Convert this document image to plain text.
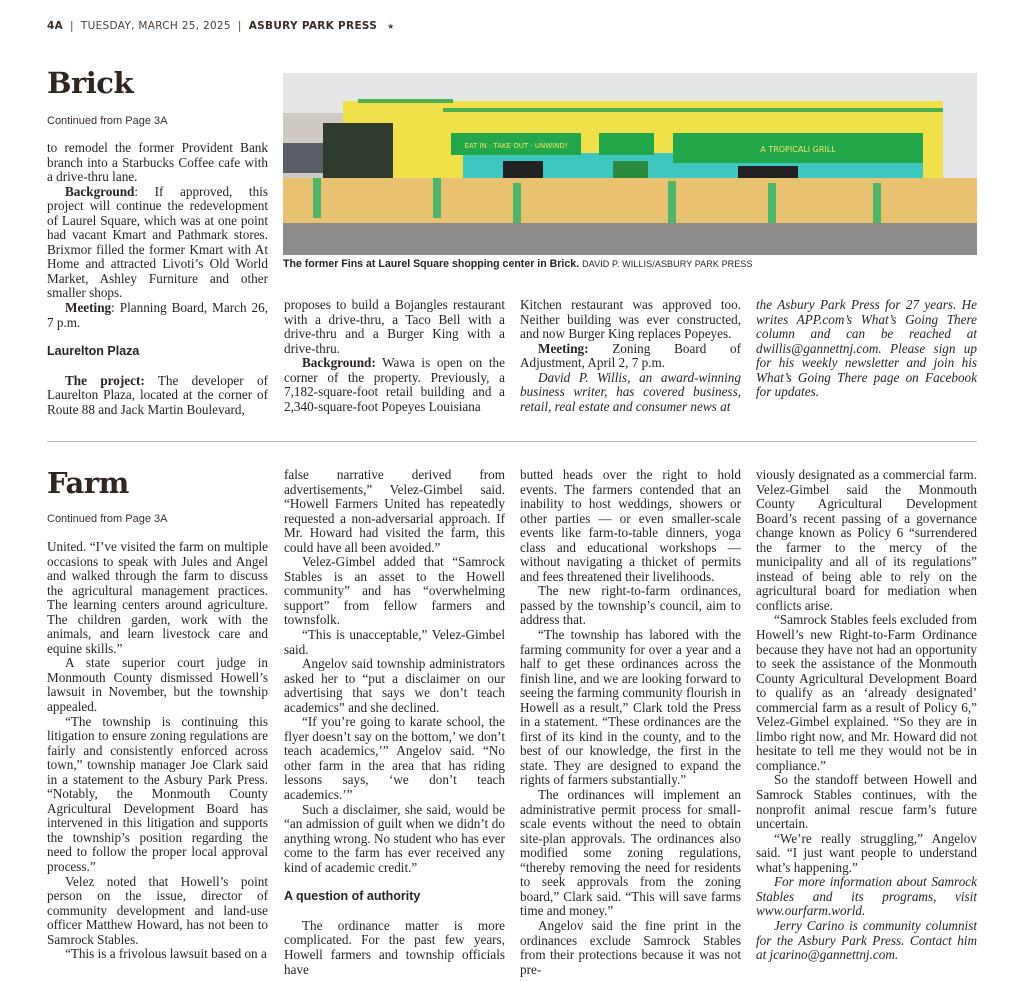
4A | TUESDAY, MARCH 25, 2025 | ASBURY PARK PRESS ★
Brick
Continued from Page 3A
EAT IN · TAKE OUT · UNWIND!	A TROPICALI GRILL
The former Fins at Laurel Square shopping center in Brick. DAVID P. WILLIS/ASBURY PARK PRESS

to remodel the former Provident Bank branch into a Starbucks Coffee cafe with a drive-thru lane.

Background: If approved, this project will continue the redevelopment of Laurel Square, which was at one point had vacant Kmart and Pathmark stores. Brixmor filled the former Kmart with At Home and attracted Livoti’s Old World Market, Ashley Furniture and other smaller shops.

Meeting: Planning Board, March 26, 7 p.m.

Laurelton Plaza

The project: The developer of Laurelton Plaza, located at the corner of Route 88 and Jack Martin Boulevard,

proposes to build a Bojangles restaurant with a drive-thru, a Taco Bell with a drive-thru and a Burger King with a drive-thru.

Background: Wawa is open on the corner of the property. Previously, a 7,182-square-foot retail building and a 2,340-square-foot Popeyes Louisiana

Kitchen restaurant was approved too. Neither building was ever constructed, and now Burger King replaces Popeyes.

Meeting: Zoning Board of Adjustment, April 2, 7 p.m.

David P. Willis, an award-winning business writer, has covered business, retail, real estate and consumer news at

the Asbury Park Press for 27 years. He writes APP.com’s What’s Going There column and can be reached at dwillis@gannettnj.com. Please sign up for his weekly newsletter and join his What’s Going There page on Facebook for updates.

Farm
Continued from Page 3A

United. “I’ve visited the farm on multiple occasions to speak with Jules and Angel and walked through the farm to discuss the agricultural management practices. The learning centers around agriculture. The children garden, work with the animals, and learn livestock care and equine skills.”

A state superior court judge in Monmouth County dismissed Howell’s lawsuit in November, but the township appealed.

“The township is continuing this litigation to ensure zoning regulations are fairly and consistently enforced across town,” township manager Joe Clark said in a statement to the Asbury Park Press. “Notably, the Monmouth County Agricultural Development Board has intervened in this litigation and supports the township’s position regarding the need to follow the proper local approval process.”

Velez noted that Howell’s point person on the issue, director of community development and land-use officer Matthew Howard, has not been to Samrock Stables.

“This is a frivolous lawsuit based on a

false narrative derived from advertisements,” Velez-Gimbel said. “Howell Farmers United has repeatedly requested a non-adversarial approach. If Mr. Howard had visited the farm, this could have all been avoided.”

Velez-Gimbel added that “Samrock Stables is an asset to the Howell community” and has “overwhelming support” from fellow farmers and townsfolk.

“This is unacceptable,” Velez-Gimbel said.

Angelov said township administrators asked her to “put a disclaimer on our advertising that says we don’t teach academics” and she declined.

“If you’re going to karate school, the flyer doesn’t say on the bottom,’ we don’t teach academics,’” Angelov said. “No other farm in the area that has riding lessons says, ‘we don’t teach academics.’”

Such a disclaimer, she said, would be “an admission of guilt when we didn’t do anything wrong. No student who has ever come to the farm has ever received any kind of academic credit.”

A question of authority

The ordinance matter is more complicated. For the past few years, Howell farmers and township officials have

butted heads over the right to hold events. The farmers contended that an inability to host weddings, showers or other parties — or even smaller-scale events like farm-to-table dinners, yoga class and educational workshops — without navigating a thicket of permits and fees threatened their livelihoods.

The new right-to-farm ordinances, passed by the township’s council, aim to address that.

“The township has labored with the farming community for over a year and a half to get these ordinances across the finish line, and we are looking forward to seeing the farming community flourish in Howell as a result,” Clark told the Press in a statement. “These ordinances are the first of its kind in the county, and to the best of our knowledge, the first in the state. They are designed to expand the rights of farmers substantially.”

The ordinances will implement an administrative permit process for small-scale events without the need to obtain site-plan approvals. The ordinances also modified some zoning regulations, “thereby removing the need for residents to seek approvals from the zoning board,” Clark said. “This will save farms time and money.”

Angelov said the fine print in the ordinances exclude Samrock Stables from their protections because it was not pre-

viously designated as a commercial farm. Velez-Gimbel said the Monmouth County Agricultural Development Board’s recent passing of a governance change known as Policy 6 “surrendered the farmer to the mercy of the municipality and all of its regulations” instead of being able to rely on the agricultural board for mediation when conflicts arise.

“Samrock Stables feels excluded from Howell’s new Right-to-Farm Ordinance because they have not had an opportunity to seek the assistance of the Monmouth County Agricultural Development Board to qualify as an ‘already designated’ commercial farm as a result of Policy 6,” Velez-Gimbel explained. “So they are in limbo right now, and Mr. Howard did not hesitate to tell me they would not be in compliance.”

So the standoff between Howell and Samrock Stables continues, with the nonprofit animal rescue farm’s future uncertain.

“We’re really struggling,” Angelov said. “I just want people to understand what’s happening.”

For more information about Samrock Stables and its programs, visit www.ourfarm.world.

Jerry Carino is community columnist for the Asbury Park Press. Contact him at jcarino@gannettnj.com.
